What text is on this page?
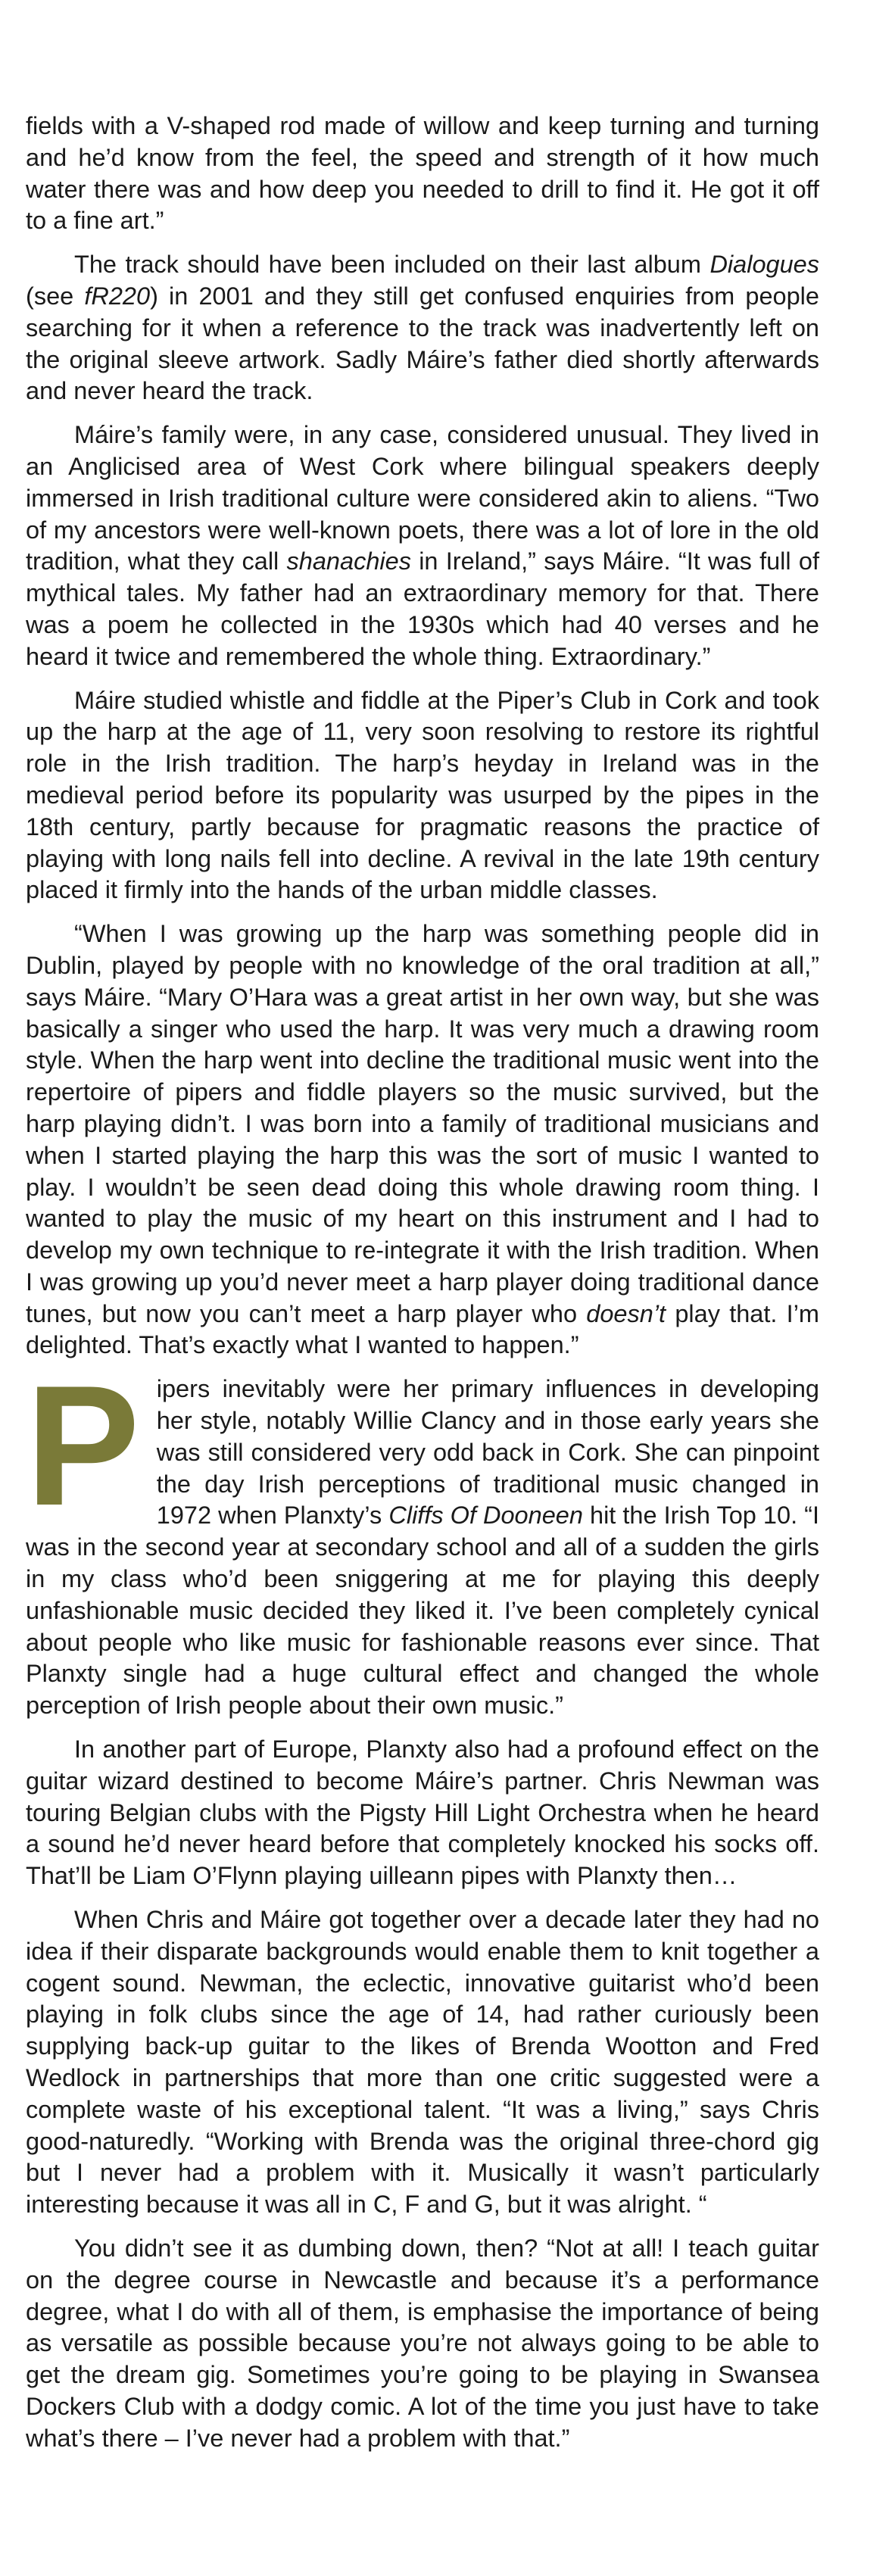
fields with a V-shaped rod made of willow and keep turning and turning and he’d know from the feel, the speed and strength of it how much water there was and how deep you needed to drill to find it. He got it off to a fine art.”

The track should have been included on their last album Dialogues (see fR220) in 2001 and they still get confused enquiries from people searching for it when a reference to the track was inadvertently left on the original sleeve artwork. Sadly Máire’s father died shortly afterwards and never heard the track.

Máire’s family were, in any case, considered unusual. They lived in an Anglicised area of West Cork where bilingual speakers deeply immersed in Irish traditional culture were considered akin to aliens. “Two of my ancestors were well-known poets, there was a lot of lore in the old tradition, what they call shanachies in Ireland,” says Máire. “It was full of mythical tales. My father had an extraordinary memory for that. There was a poem he collected in the 1930s which had 40 verses and he heard it twice and remembered the whole thing. Extraordinary.”

Máire studied whistle and fiddle at the Piper’s Club in Cork and took up the harp at the age of 11, very soon resolving to restore its rightful role in the Irish tradition. The harp’s heyday in Ireland was in the medieval period before its popularity was usurped by the pipes in the 18th century, partly because for pragmatic reasons the practice of playing with long nails fell into decline. A revival in the late 19th century placed it firmly into the hands of the urban middle classes.

“When I was growing up the harp was something people did in Dublin, played by people with no knowledge of the oral tradition at all,” says Máire. “Mary O’Hara was a great artist in her own way, but she was basically a singer who used the harp. It was very much a drawing room style. When the harp went into decline the traditional music went into the repertoire of pipers and fiddle players so the music survived, but the harp playing didn’t. I was born into a family of traditional musicians and when I started playing the harp this was the sort of music I wanted to play. I wouldn’t be seen dead doing this whole drawing room thing. I wanted to play the music of my heart on this instrument and I had to develop my own technique to re-integrate it with the Irish tradition. When I was growing up you’d never meet a harp player doing traditional dance tunes, but now you can’t meet a harp player who doesn’t play that. I’m delighted. That’s exactly what I wanted to happen.”

Pipers inevitably were her primary influences in developing her style, notably Willie Clancy and in those early years she was still considered very odd back in Cork. She can pinpoint the day Irish perceptions of traditional music changed in 1972 when Planxty’s Cliffs Of Dooneen hit the Irish Top 10. “I was in the second year at secondary school and all of a sudden the girls in my class who’d been sniggering at me for playing this deeply unfashionable music decided they liked it. I’ve been completely cynical about people who like music for fashionable reasons ever since. That Planxty single had a huge cultural effect and changed the whole perception of Irish people about their own music.”

In another part of Europe, Planxty also had a profound effect on the guitar wizard destined to become Máire’s partner. Chris Newman was touring Belgian clubs with the Pigsty Hill Light Orchestra when he heard a sound he’d never heard before that completely knocked his socks off. That’ll be Liam O’Flynn playing uilleann pipes with Planxty then…

When Chris and Máire got together over a decade later they had no idea if their disparate backgrounds would enable them to knit together a cogent sound. Newman, the eclectic, innovative guitarist who’d been playing in folk clubs since the age of 14, had rather curiously been supplying back-up guitar to the likes of Brenda Wootton and Fred Wedlock in partnerships that more than one critic suggested were a complete waste of his exceptional talent. “It was a living,” says Chris good-naturedly. “Working with Brenda was the original three-chord gig but I never had a problem with it. Musically it wasn’t particularly interesting because it was all in C, F and G, but it was alright. “

You didn’t see it as dumbing down, then? “Not at all! I teach guitar on the degree course in Newcastle and because it’s a performance degree, what I do with all of them, is emphasise the importance of being as versatile as possible because you’re not always going to be able to get the dream gig. Sometimes you’re going to be playing in Swansea Dockers Club with a dodgy comic. A lot of the time you just have to take what’s there – I’ve never had a problem with that.”
